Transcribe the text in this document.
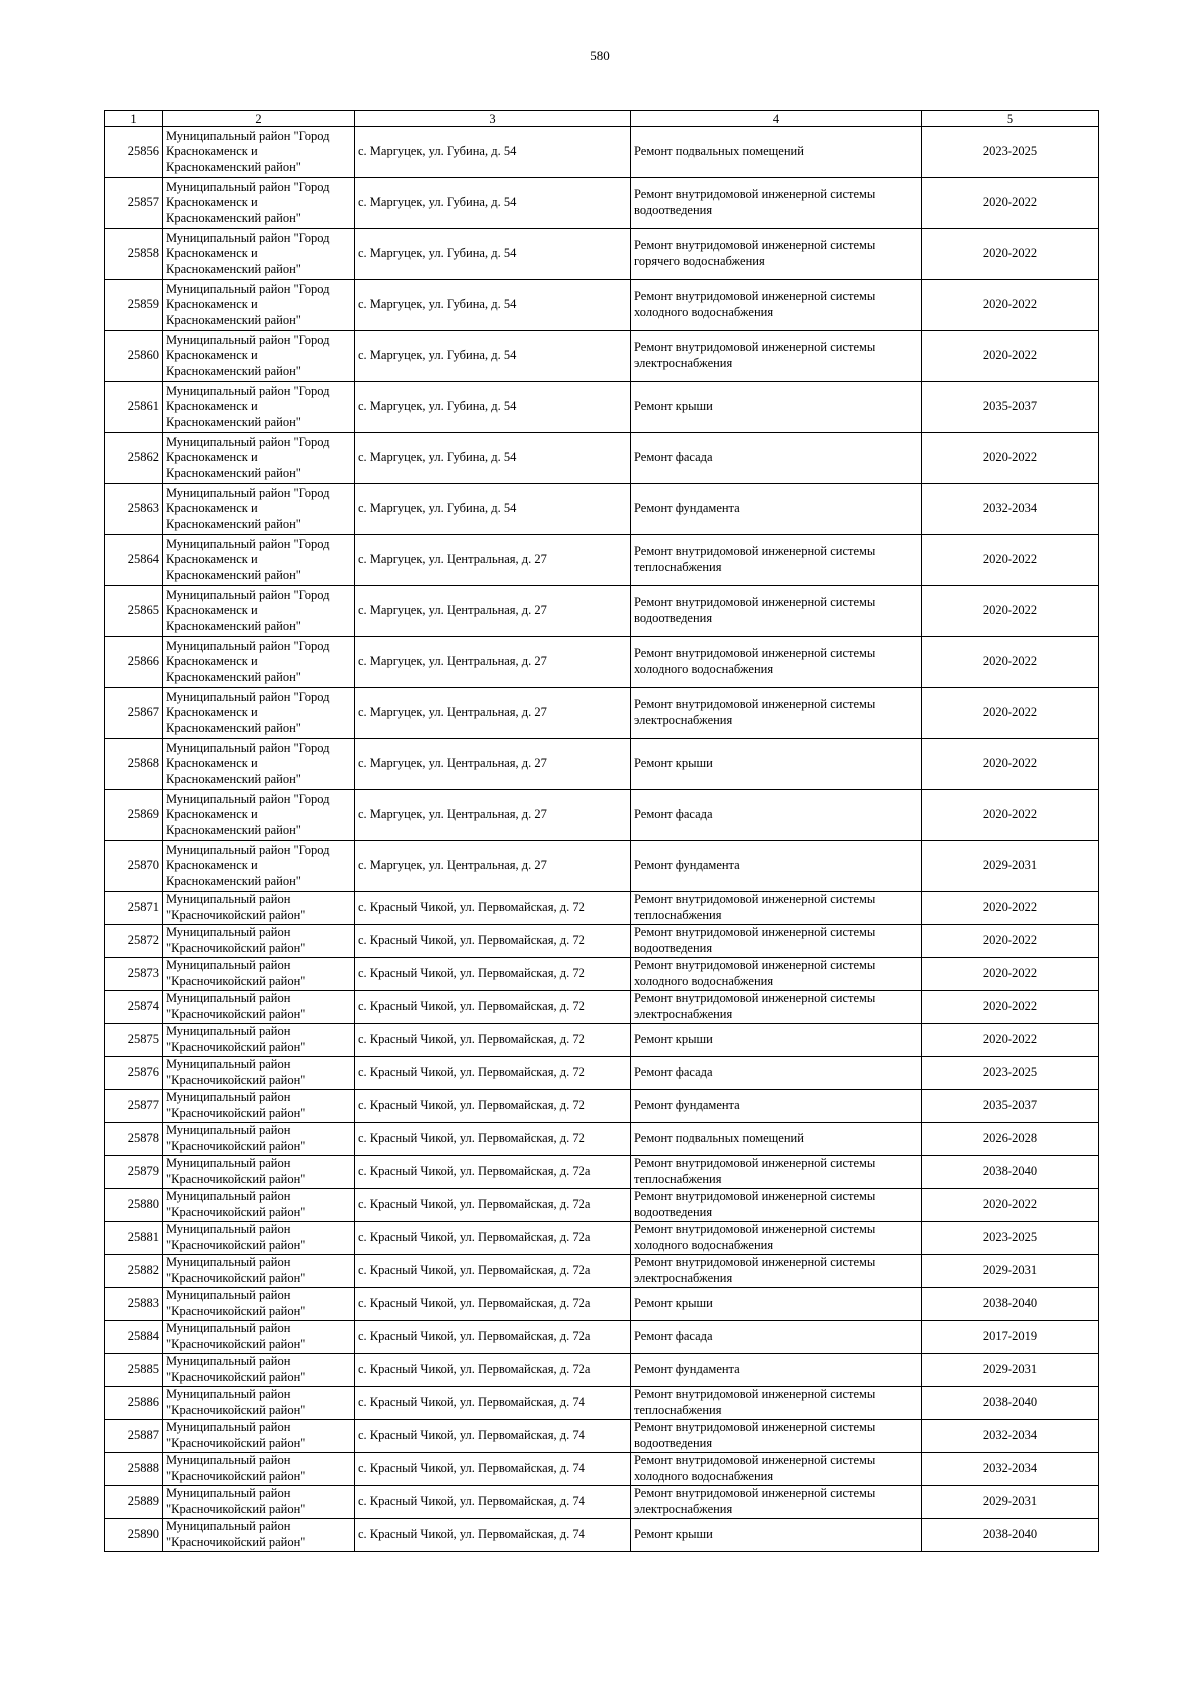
580
1	2	3	4	5
25856	Муниципальный район "Город Краснокаменск и Краснокаменский район"	с. Маргуцек, ул. Губина, д. 54	Ремонт подвальных помещений	2023-2025
25857	Муниципальный район "Город Краснокаменск и Краснокаменский район"	с. Маргуцек, ул. Губина, д. 54	Ремонт внутридомовой инженерной системы водоотведения	2020-2022
25858	Муниципальный район "Город Краснокаменск и Краснокаменский район"	с. Маргуцек, ул. Губина, д. 54	Ремонт внутридомовой инженерной системы горячего водоснабжения	2020-2022
25859	Муниципальный район "Город Краснокаменск и Краснокаменский район"	с. Маргуцек, ул. Губина, д. 54	Ремонт внутридомовой инженерной системы холодного водоснабжения	2020-2022
25860	Муниципальный район "Город Краснокаменск и Краснокаменский район"	с. Маргуцек, ул. Губина, д. 54	Ремонт внутридомовой инженерной системы электроснабжения	2020-2022
25861	Муниципальный район "Город Краснокаменск и Краснокаменский район"	с. Маргуцек, ул. Губина, д. 54	Ремонт крыши	2035-2037
25862	Муниципальный район "Город Краснокаменск и Краснокаменский район"	с. Маргуцек, ул. Губина, д. 54	Ремонт фасада	2020-2022
25863	Муниципальный район "Город Краснокаменск и Краснокаменский район"	с. Маргуцек, ул. Губина, д. 54	Ремонт фундамента	2032-2034
25864	Муниципальный район "Город Краснокаменск и Краснокаменский район"	с. Маргуцек, ул. Центральная, д. 27	Ремонт внутридомовой инженерной системы теплоснабжения	2020-2022
25865	Муниципальный район "Город Краснокаменск и Краснокаменский район"	с. Маргуцек, ул. Центральная, д. 27	Ремонт внутридомовой инженерной системы водоотведения	2020-2022
25866	Муниципальный район "Город Краснокаменск и Краснокаменский район"	с. Маргуцек, ул. Центральная, д. 27	Ремонт внутридомовой инженерной системы холодного водоснабжения	2020-2022
25867	Муниципальный район "Город Краснокаменск и Краснокаменский район"	с. Маргуцек, ул. Центральная, д. 27	Ремонт внутридомовой инженерной системы электроснабжения	2020-2022
25868	Муниципальный район "Город Краснокаменск и Краснокаменский район"	с. Маргуцек, ул. Центральная, д. 27	Ремонт крыши	2020-2022
25869	Муниципальный район "Город Краснокаменск и Краснокаменский район"	с. Маргуцек, ул. Центральная, д. 27	Ремонт фасада	2020-2022
25870	Муниципальный район "Город Краснокаменск и Краснокаменский район"	с. Маргуцек, ул. Центральная, д. 27	Ремонт фундамента	2029-2031
25871	Муниципальный район "Красночикойский район"	с. Красный Чикой, ул. Первомайская, д. 72	Ремонт внутридомовой инженерной системы теплоснабжения	2020-2022
25872	Муниципальный район "Красночикойский район"	с. Красный Чикой, ул. Первомайская, д. 72	Ремонт внутридомовой инженерной системы водоотведения	2020-2022
25873	Муниципальный район "Красночикойский район"	с. Красный Чикой, ул. Первомайская, д. 72	Ремонт внутридомовой инженерной системы холодного водоснабжения	2020-2022
25874	Муниципальный район "Красночикойский район"	с. Красный Чикой, ул. Первомайская, д. 72	Ремонт внутридомовой инженерной системы электроснабжения	2020-2022
25875	Муниципальный район "Красночикойский район"	с. Красный Чикой, ул. Первомайская, д. 72	Ремонт крыши	2020-2022
25876	Муниципальный район "Красночикойский район"	с. Красный Чикой, ул. Первомайская, д. 72	Ремонт фасада	2023-2025
25877	Муниципальный район "Красночикойский район"	с. Красный Чикой, ул. Первомайская, д. 72	Ремонт фундамента	2035-2037
25878	Муниципальный район "Красночикойский район"	с. Красный Чикой, ул. Первомайская, д. 72	Ремонт подвальных помещений	2026-2028
25879	Муниципальный район "Красночикойский район"	с. Красный Чикой, ул. Первомайская, д. 72а	Ремонт внутридомовой инженерной системы теплоснабжения	2038-2040
25880	Муниципальный район "Красночикойский район"	с. Красный Чикой, ул. Первомайская, д. 72а	Ремонт внутридомовой инженерной системы водоотведения	2020-2022
25881	Муниципальный район "Красночикойский район"	с. Красный Чикой, ул. Первомайская, д. 72а	Ремонт внутридомовой инженерной системы холодного водоснабжения	2023-2025
25882	Муниципальный район "Красночикойский район"	с. Красный Чикой, ул. Первомайская, д. 72а	Ремонт внутридомовой инженерной системы электроснабжения	2029-2031
25883	Муниципальный район "Красночикойский район"	с. Красный Чикой, ул. Первомайская, д. 72а	Ремонт крыши	2038-2040
25884	Муниципальный район "Красночикойский район"	с. Красный Чикой, ул. Первомайская, д. 72а	Ремонт фасада	2017-2019
25885	Муниципальный район "Красночикойский район"	с. Красный Чикой, ул. Первомайская, д. 72а	Ремонт фундамента	2029-2031
25886	Муниципальный район "Красночикойский район"	с. Красный Чикой, ул. Первомайская, д. 74	Ремонт внутридомовой инженерной системы теплоснабжения	2038-2040
25887	Муниципальный район "Красночикойский район"	с. Красный Чикой, ул. Первомайская, д. 74	Ремонт внутридомовой инженерной системы водоотведения	2032-2034
25888	Муниципальный район "Красночикойский район"	с. Красный Чикой, ул. Первомайская, д. 74	Ремонт внутридомовой инженерной системы холодного водоснабжения	2032-2034
25889	Муниципальный район "Красночикойский район"	с. Красный Чикой, ул. Первомайская, д. 74	Ремонт внутридомовой инженерной системы электроснабжения	2029-2031
25890	Муниципальный район "Красночикойский район"	с. Красный Чикой, ул. Первомайская, д. 74	Ремонт крыши	2038-2040
